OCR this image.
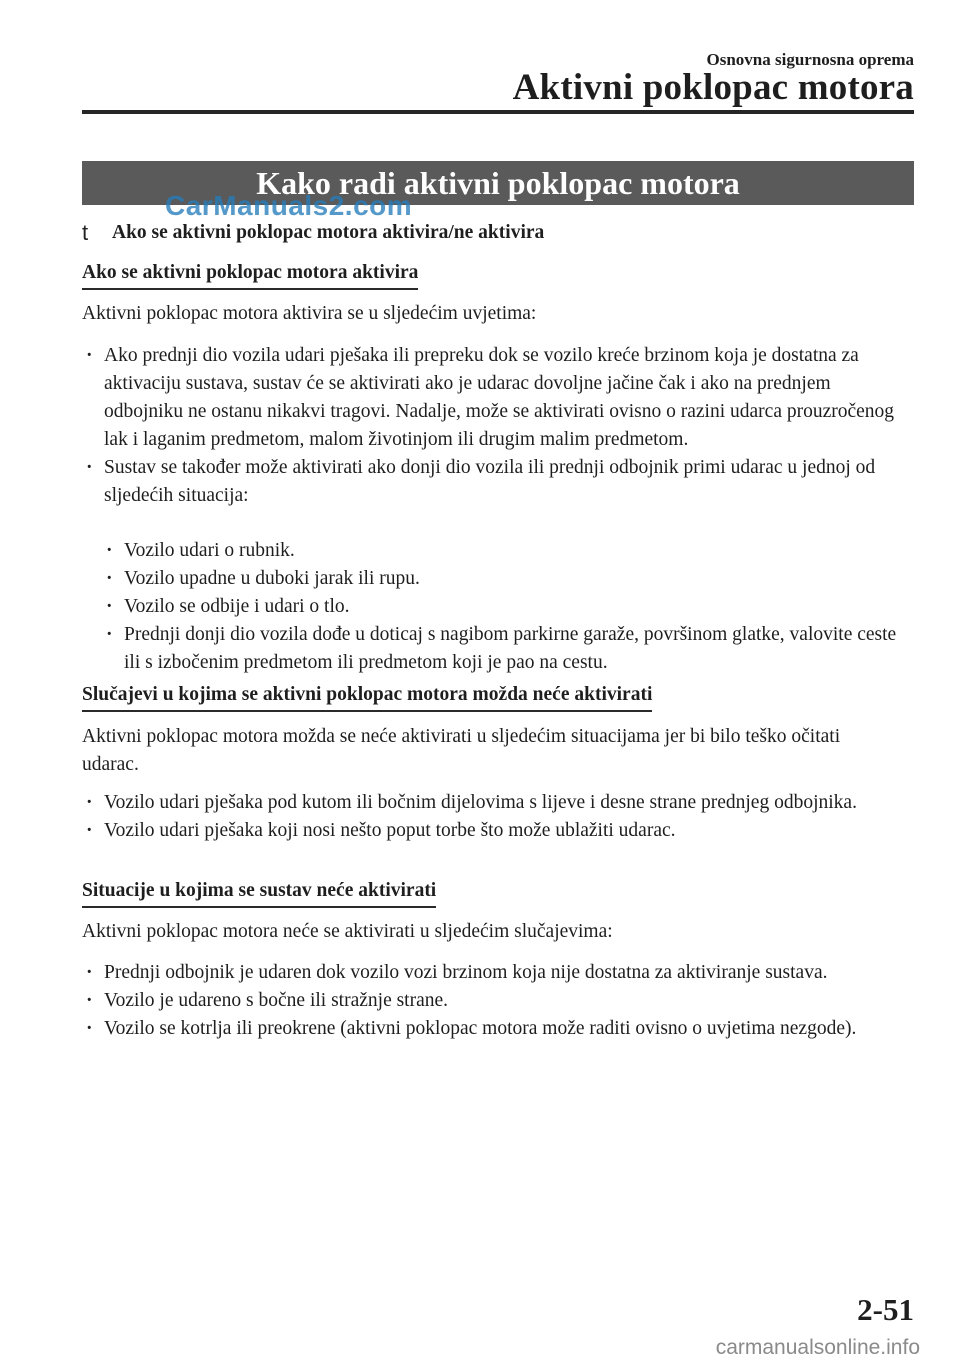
Osnovna sigurnosna oprema
Aktivni poklopac motora
Kako radi aktivni poklopac motora
CarManuals2.com
t Ako se aktivni poklopac motora aktivira/ne aktivira
Ako se aktivni poklopac motora aktivira
Aktivni poklopac motora aktivira se u sljedećim uvjetima:
· Ako prednji dio vozila udari pješaka ili prepreku dok se vozilo kreće brzinom koja je dostatna za aktivaciju sustava, sustav će se aktivirati ako je udarac dovoljne jačine čak i ako na prednjem odbojniku ne ostanu nikakvi tragovi. Nadalje, može se aktivirati ovisno o razini udarca prouzročenog lak i laganim predmetom, malom životinjom ili drugim malim predmetom.
· Sustav se također može aktivirati ako donji dio vozila ili prednji odbojnik primi udarac u jednoj od sljedećih situacija:
· Vozilo udari o rubnik.
· Vozilo upadne u duboki jarak ili rupu.
· Vozilo se odbije i udari o tlo.
· Prednji donji dio vozila dođe u doticaj s nagibom parkirne garaže, površinom glatke, valovite ceste ili s izbočenim predmetom ili predmetom koji je pao na cestu.
Slučajevi u kojima se aktivni poklopac motora možda neće aktivirati
Aktivni poklopac motora možda se neće aktivirati u sljedećim situacijama jer bi bilo teško očitati udarac.
· Vozilo udari pješaka pod kutom ili bočnim dijelovima s lijeve i desne strane prednjeg odbojnika.
· Vozilo udari pješaka koji nosi nešto poput torbe što može ublažiti udarac.
Situacije u kojima se sustav neće aktivirati
Aktivni poklopac motora neće se aktivirati u sljedećim slučajevima:
· Prednji odbojnik je udaren dok vozilo vozi brzinom koja nije dostatna za aktiviranje sustava.
· Vozilo je udareno s bočne ili stražnje strane.
· Vozilo se kotrlja ili preokrene (aktivni poklopac motora može raditi ovisno o uvjetima nezgode).
2-51
carmanualsonline.info
